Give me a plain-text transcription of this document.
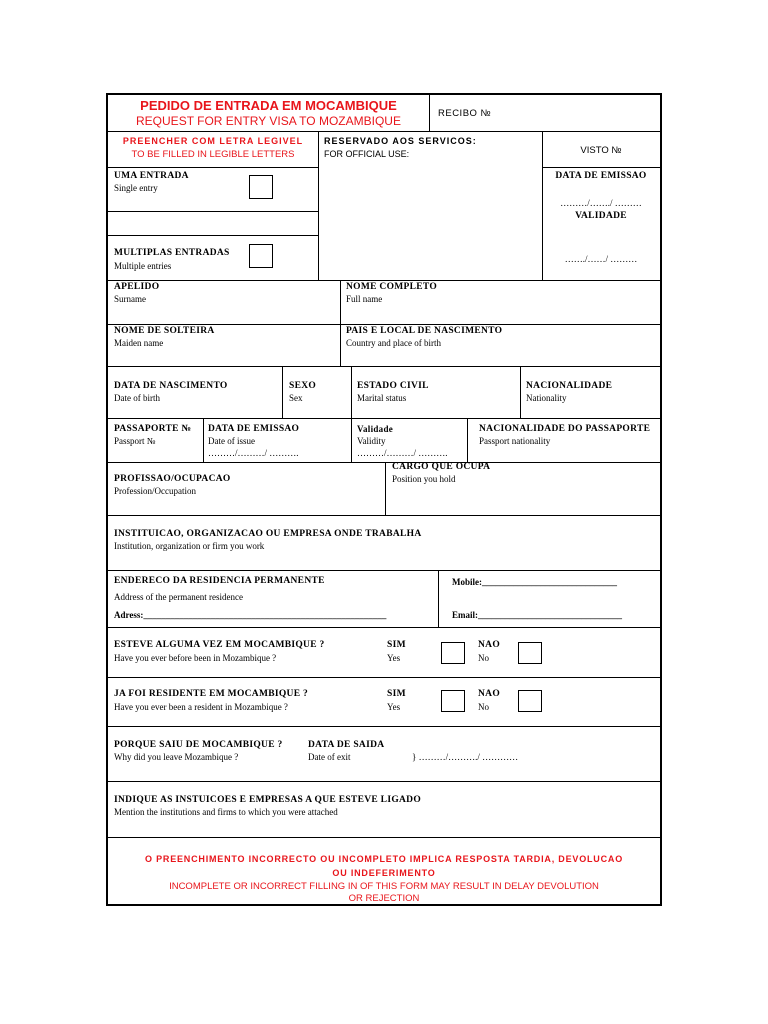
PEDIDO DE ENTRADA EM MOCAMBIQUE
REQUEST FOR ENTRY VISA TO MOZAMBIQUE
RECIBO №
PREENCHER COM LETRA LEGIVEL
TO BE FILLED IN LEGIBLE LETTERS
RESERVADO AOS SERVICOS:
FOR OFFICIAL USE:	VISTO №
DATA DE EMISSAO
………/……./ ………
VALIDADE
……./……/ ………
UMA ENTRADA
Single entry
MULTIPLAS ENTRADAS
Multiple entries
APELIDO
Surname
NOME COMPLETO
Full name
NOME DE SOLTEIRA
Maiden name
PAIS E LOCAL DE NASCIMENTO
Country and place of birth
DATA DE NASCIMENTO
Date of birth
SEXO
Sex
ESTADO CIVIL
Marital status
NACIONALIDADE
Nationality
PASSAPORTE №
Passport №
DATA DE EMISSAO
Date of issue
………/………/ ……….
Validade
Validity
………/………/ ……….
NACIONALIDADE DO PASSAPORTE
Passport nationality
PROFISSAO/OCUPACAO
Profession/Occupation
CARGO QUE OCUPA
Position you hold
INSTITUICAO, ORGANIZACAO OU EMPRESA ONDE TRABALHA
Institution, organization or firm you work
ENDERECO DA RESIDENCIA PERMANENTE
Address of the permanent residence
Adress:______________________________________________________
Mobile:______________________________
Email:________________________________
ESTEVE ALGUMA VEZ EM MOCAMBIQUE ?
Have you ever before been in Mozambique ?
SIM
Yes
NAO
No
JA FOI RESIDENTE EM MOCAMBIQUE ?
Have you ever been a resident in Mozambique ?
SIM
Yes
NAO
No
PORQUE SAIU DE MOCAMBIQUE ?
Why did you leave Mozambique ?
DATA DE SAIDA
Date of exit	} ………/………./ …………
INDIQUE AS INSTUICOES E EMPRESAS A QUE ESTEVE LIGADO
Mention the institutions and firms to which you were attached
O PREENCHIMENTO INCORRECTO OU INCOMPLETO IMPLICA RESPOSTA TARDIA, DEVOLUCAO
OU INDEFERIMENTO
INCOMPLETE OR INCORRECT FILLING IN OF THIS FORM MAY RESULT IN DELAY DEVOLUTION
OR REJECTION
